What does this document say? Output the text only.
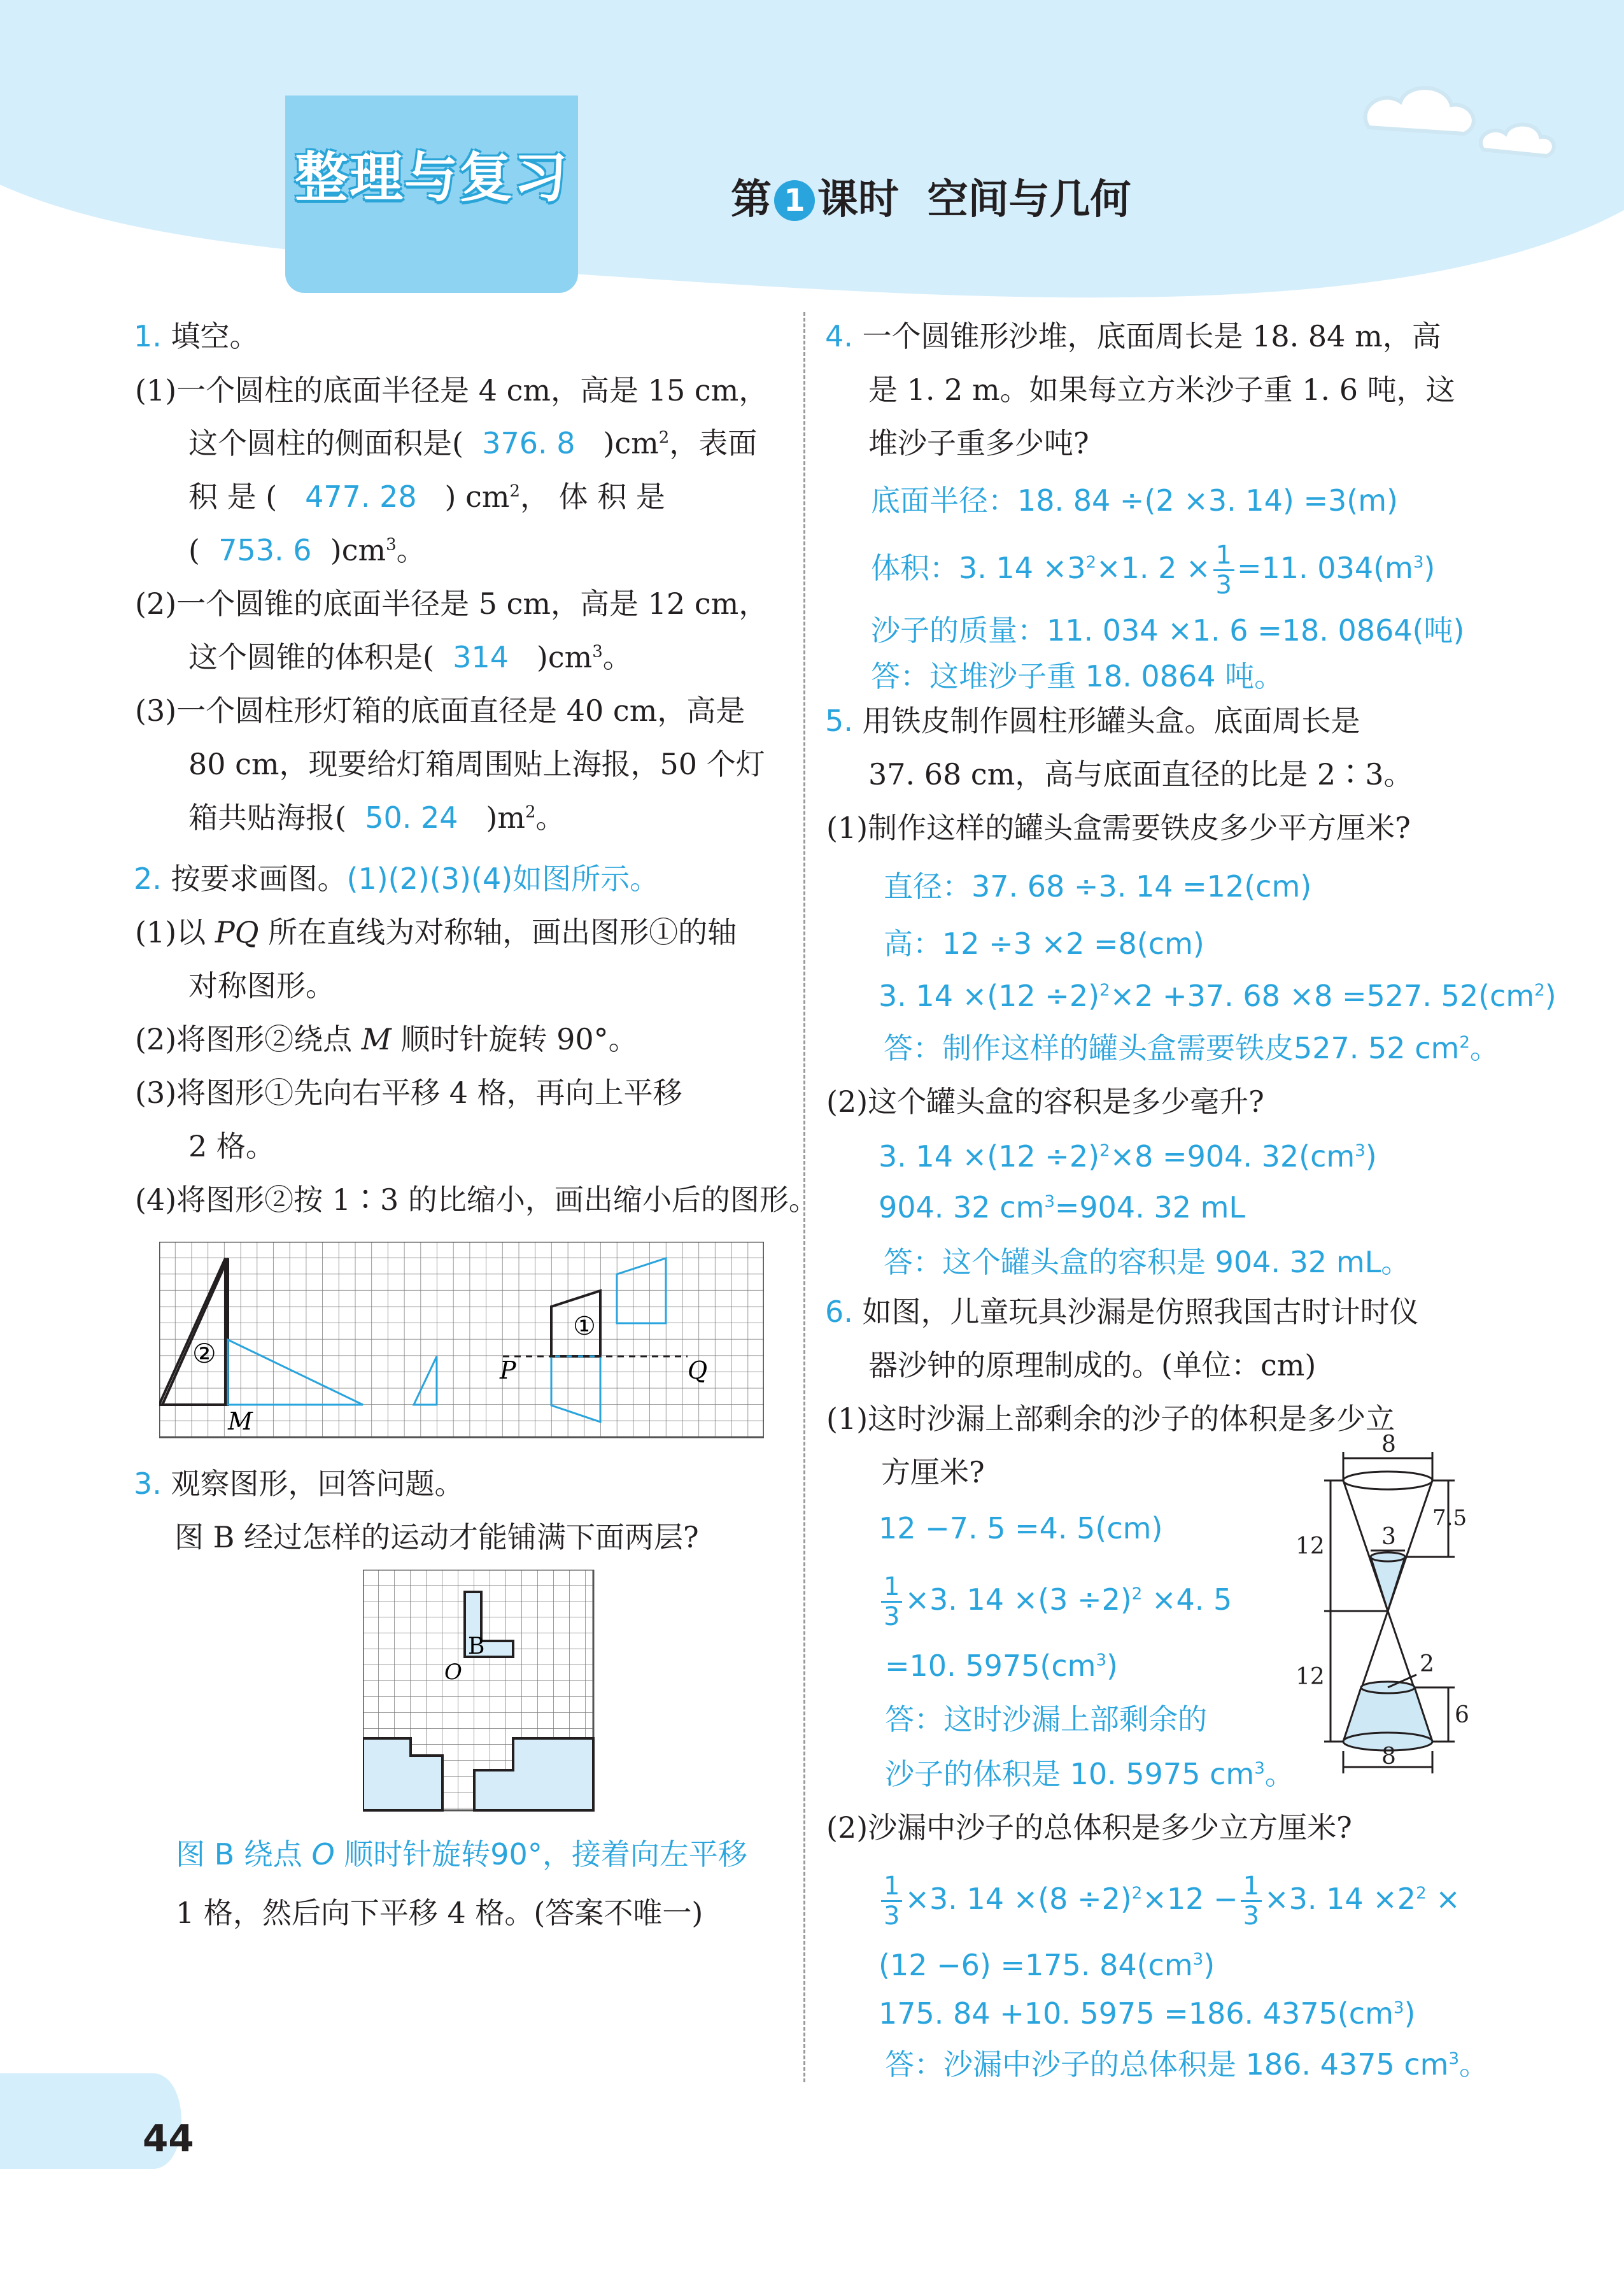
整理与复习	第 1 课时 空间与几何
1. 填空。
(1)一个圆柱的底面半径是 4 cm，高是 15 cm，
这个圆柱的侧面积是( 376. 8 )$cm^2$，表面
积 是 ( 477. 28 ) $cm^2$， 体 积 是
( 753. 6 )$cm^3$。
(2)一个圆锥的底面半径是 5 cm，高是 12 cm，
这个圆锥的体积是( 314 )$cm^3$。
(3)一个圆柱形灯箱的底面直径是 40 cm，高是
80 cm，现要给灯箱周围贴上海报，50 个灯
箱共贴海报( 50. 24 )$m^2$。
2. 按要求画图。(1)(2)(3)(4)如图所示。
(1)以 PQ 所在直线为对称轴，画出图形①的轴
对称图形。
(2)将图形②绕点 M 顺时针旋转 90°。
(3)将图形①先向右平移 4 格，再向上平移
2 格。
(4)将图形②按 1∶3 的比缩小，画出缩小后的图形。
②
M
①
P	Q
3. 观察图形，回答问题。
图 B 经过怎样的运动才能铺满下面两层?
B
O
图 B 绕点 O 顺时针旋转90°，接着向左平移
1 格，然后向下平移 4 格。(答案不唯一)
4. 一个圆锥形沙堆，底面周长是 18. 84 m，高
是 1. 2 m。如果每立方米沙子重 1. 6 吨，这
堆沙子重多少吨?
底面半径：18. 84 ÷(2 ×3. 14) =3(m)
体积：3. $14 \times 3^2\times 1$. $2 \times \frac{1}{3} =11$. $034(m^3)$
沙子的质量：11. 034 ×1. 6 =18. 0864(吨)
答：这堆沙子重 18. 0864 吨。
5. 用铁皮制作圆柱形罐头盒。底面周长是
37. 68 cm，高与底面直径的比是 2∶3。
(1)制作这样的罐头盒需要铁皮多少平方厘米?
直径：37. 68 ÷3. 14 =12(cm)
高：12 ÷3 ×2 =8(cm)
3. $14 \times(12 \div 2)^2\times 2 +37$. 68 ×8 =527. $52(cm^2)$
答：制作这样的罐头盒需要铁皮527. 52 $cm^2$。
(2)这个罐头盒的容积是多少毫升?
3. $14 \times(12 \div 2)^2\times 8 =904$. $32(cm^3)$
904. 32 $cm^3=904$. 32 mL
答：这个罐头盒的容积是 904. 32 mL。
6. 如图，儿童玩具沙漏是仿照我国古时计时仪
器沙钟的原理制成的。(单位：cm)
(1)这时沙漏上部剩余的沙子的体积是多少立
方厘米?
12 −7. 5 =4. 5(cm)
$\frac{1}{3} \times 3$. $14 \times(3 \div 2)^2 \times 4$. 5
=10. $5975(cm^3)$
答：这时沙漏上部剩余的
沙子的体积是 10. 5975 $cm^3$。
8
12 3
7.5
2
12
6
8
(2)沙漏中沙子的总体积是多少立方厘米?
$\frac{1}{3} \times 3$. $14 \times(8 \div 2)^2\times 12 - \frac{1}{3} \times 3$. $14 \times 2^2$ ×
(12 −6) =175. $84(cm^3)$
175. 84 +10. 5975 =186. $4375(cm^3)$
答：沙漏中沙子的总体积是 186. 4375 $cm^3$。
44
